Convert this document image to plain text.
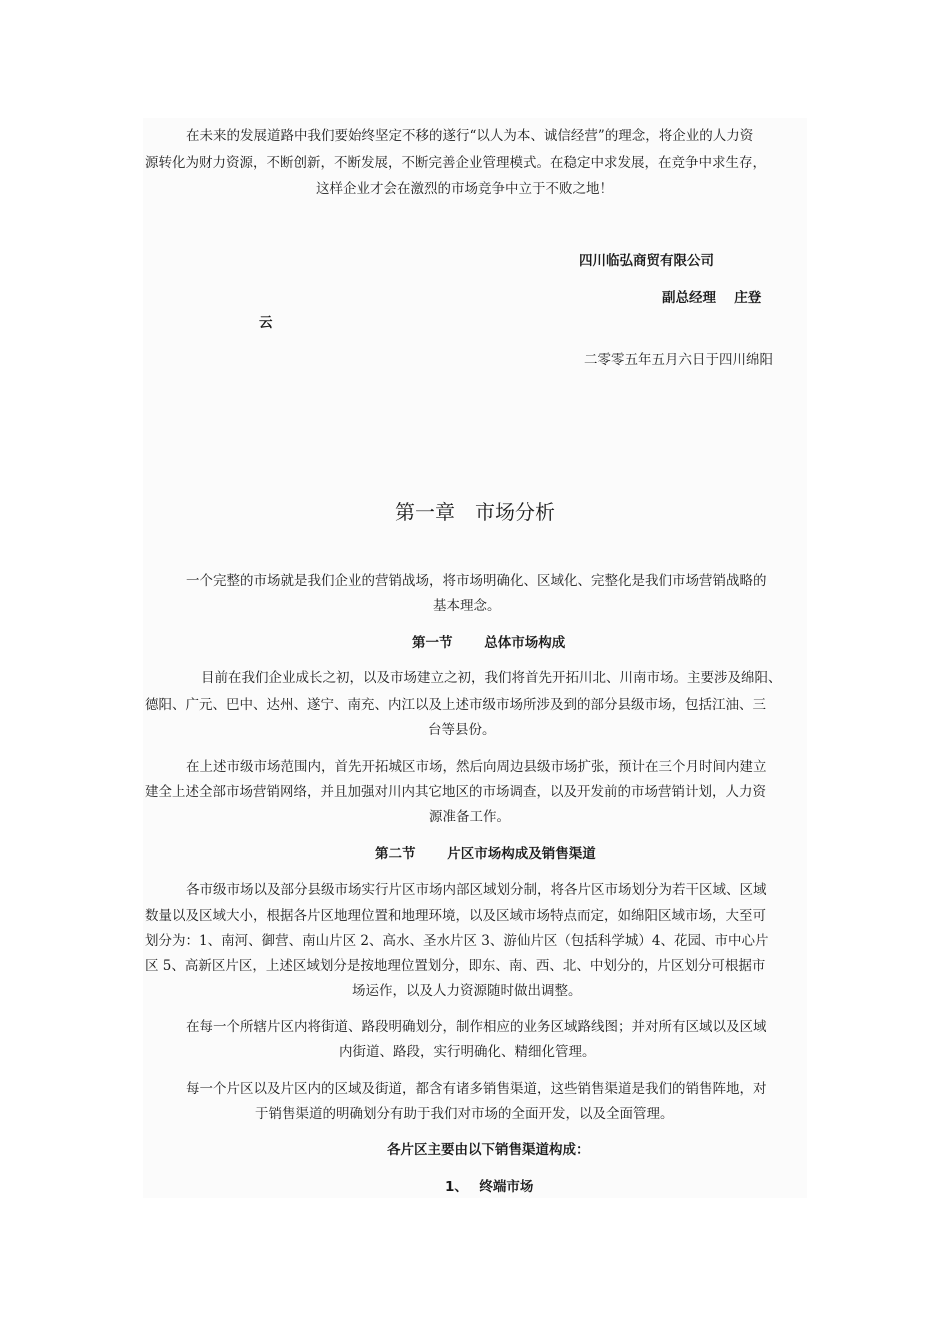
在未来的发展道路中我们要始终坚定不移的遂行“以人为本、诚信经营”的理念，将企业的人力资
源转化为财力资源，不断创新，不断发展，不断完善企业管理模式。在稳定中求发展，在竞争中求生存，
这样企业才会在激烈的市场竞争中立于不败之地！
四川临弘商贸有限公司
副总经理　 庄登
云
二零零五年五月六日于四川绵阳
第一章　市场分析
一个完整的市场就是我们企业的营销战场，将市场明确化、区域化、完整化是我们市场营销战略的
基本理念。
第一节　　 总体市场构成
目前在我们企业成长之初，以及市场建立之初，我们将首先开拓川北、川南市场。主要涉及绵阳、
德阳、广元、巴中、达州、遂宁、南充、内江以及上述市级市场所涉及到的部分县级市场，包括江油、三
台等县份。
在上述市级市场范围内，首先开拓城区市场，然后向周边县级市场扩张，预计在三个月时间内建立
建全上述全部市场营销网络，并且加强对川内其它地区的市场调查，以及开发前的市场营销计划，人力资
源准备工作。
第二节　　 片区市场构成及销售渠道
各市级市场以及部分县级市场实行片区市场内部区域划分制，将各片区市场划分为若干区域、区域
数量以及区域大小，根据各片区地理位置和地理环境，以及区域市场特点而定，如绵阳区域市场，大至可
划分为：1、南河、御营、南山片区 2、高水、圣水片区 3、游仙片区（包括科学城）4、花园、市中心片
区 5、高新区片区，上述区域划分是按地理位置划分，即东、南、西、北、中划分的，片区划分可根据市
场运作，以及人力资源随时做出调整。
在每一个所辖片区内将街道、路段明确划分，制作相应的业务区域路线图；并对所有区域以及区域
内街道、路段，实行明确化、精细化管理。
每一个片区以及片区内的区域及街道，都含有诸多销售渠道，这些销售渠道是我们的销售阵地，对
于销售渠道的明确划分有助于我们对市场的全面开发，以及全面管理。
各片区主要由以下销售渠道构成：
1、　 终端市场
